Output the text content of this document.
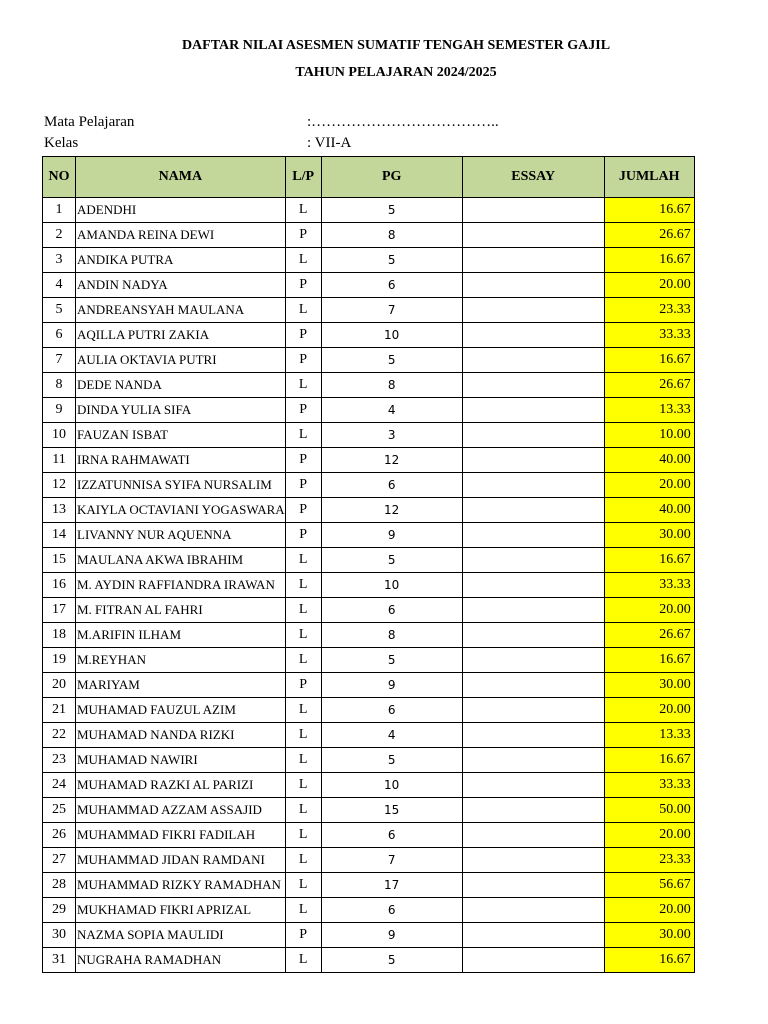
DAFTAR NILAI ASESMEN SUMATIF TENGAH SEMESTER GAJIL
TAHUN PELAJARAN 2024/2025
Mata Pelajaran	:………………………………..
Kelas	: VII-A
NO	NAMA	L/P	PG	ESSAY	JUMLAH
1	ADENDHI	L	5		16.67
2	AMANDA REINA DEWI	P	8		26.67
3	ANDIKA PUTRA	L	5		16.67
4	ANDIN NADYA	P	6		20.00
5	ANDREANSYAH MAULANA	L	7		23.33
6	AQILLA PUTRI ZAKIA	P	10		33.33
7	AULIA OKTAVIA PUTRI	P	5		16.67
8	DEDE NANDA	L	8		26.67
9	DINDA YULIA SIFA	P	4		13.33
10	FAUZAN ISBAT	L	3		10.00
11	IRNA RAHMAWATI	P	12		40.00
12	IZZATUNNISA SYIFA NURSALIM	P	6		20.00
13	KAIYLA OCTAVIANI YOGASWARA	P	12		40.00
14	LIVANNY NUR AQUENNA	P	9		30.00
15	MAULANA AKWA IBRAHIM	L	5		16.67
16	M. AYDIN RAFFIANDRA IRAWAN	L	10		33.33
17	M. FITRAN AL FAHRI	L	6		20.00
18	M.ARIFIN ILHAM	L	8		26.67
19	M.REYHAN	L	5		16.67
20	MARIYAM	P	9		30.00
21	MUHAMAD FAUZUL AZIM	L	6		20.00
22	MUHAMAD NANDA RIZKI	L	4		13.33
23	MUHAMAD NAWIRI	L	5		16.67
24	MUHAMAD RAZKI AL PARIZI	L	10		33.33
25	MUHAMMAD AZZAM ASSAJID	L	15		50.00
26	MUHAMMAD FIKRI FADILAH	L	6		20.00
27	MUHAMMAD JIDAN RAMDANI	L	7		23.33
28	MUHAMMAD RIZKY RAMADHAN	L	17		56.67
29	MUKHAMAD FIKRI APRIZAL	L	6		20.00
30	NAZMA SOPIA MAULIDI	P	9		30.00
31	NUGRAHA RAMADHAN	L	5		16.67
